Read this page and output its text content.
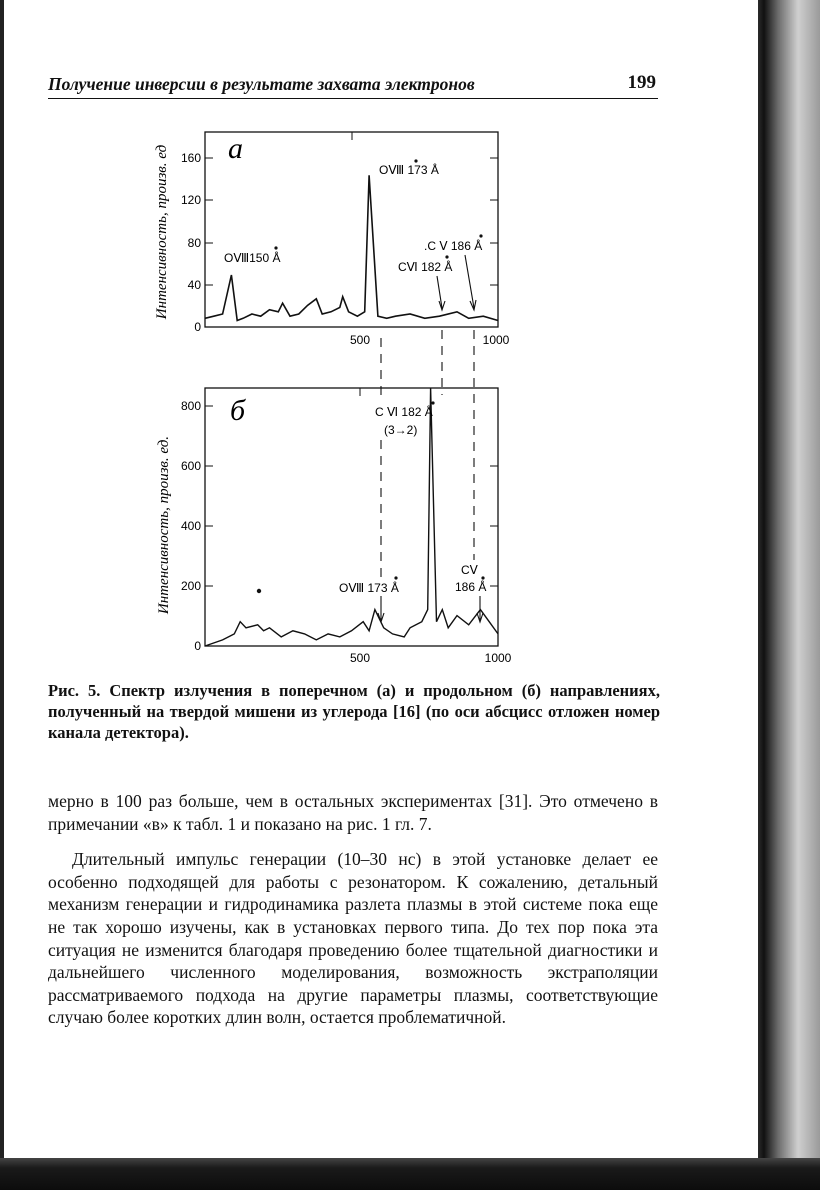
Получение инверсии в результате захвата электронов	199
а
Интенсивность, произв. ед
0
40
80
120
160
500	1000
OⅧ 173 Å
OⅧ150 Å
.C Ⅴ 186 Å
CⅥ 182 Å
б
Интенсивность, произв. ед.
0
200
400
600
800
500	1000
C Ⅵ 182 Å
(3→2)
OⅧ 173 Å
CⅤ
186 Å
Рис. 5. Спектр излучения в поперечном (а) и продольном (б) направлениях, полученный на твердой мишени из углерода [16] (по оси абсцисс отложен номер канала детектора).

мерно в 100 раз больше, чем в остальных экспериментах [31]. Это отмечено в примечании «в» к табл. 1 и показано на рис. 1 гл. 7.

Длительный импульс генерации (10–30 нс) в этой установке делает ее особенно подходящей для работы с резонатором. К сожалению, детальный механизм генерации и гидродинамика разлета плазмы в этой системе пока еще не так хорошо изучены, как в установках первого типа. До тех пор пока эта ситуация не изменится благодаря проведению более тщательной диагностики и дальнейшего численного моделирования, возможность экстраполяции рассматриваемого подхода на другие параметры плазмы, соответствующие случаю более коротких длин волн, остается проблематичной.
